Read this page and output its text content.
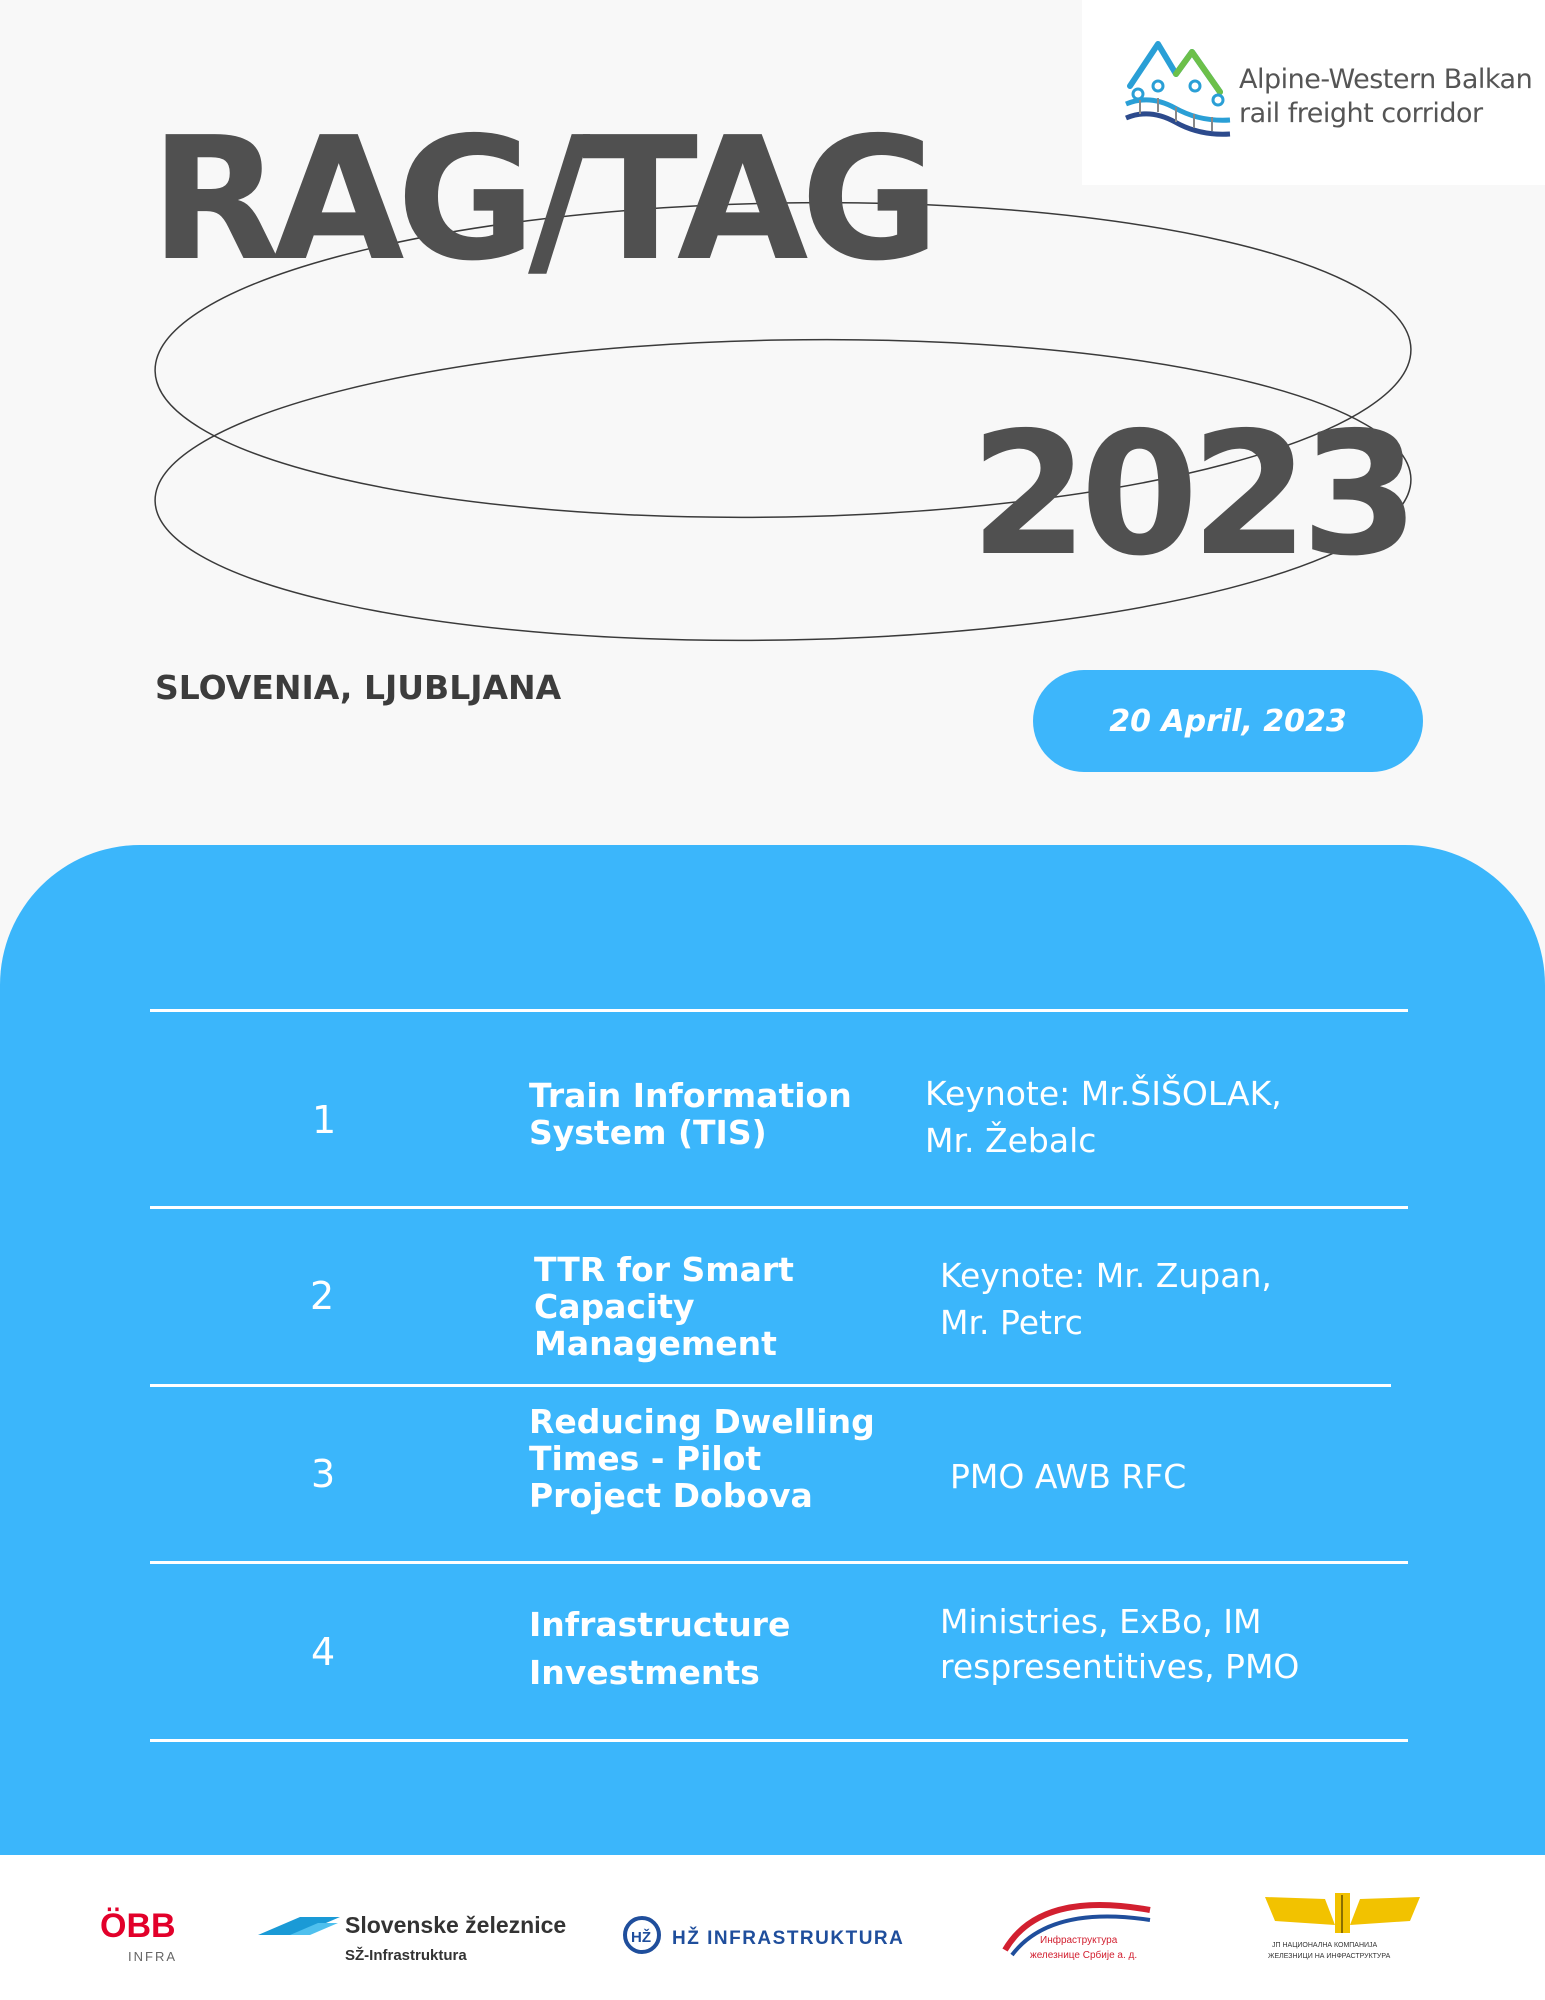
Alpine-Western Balkan
rail freight corridor
RAG/TAG
2023
SLOVENIA, LJUBLJANA
20 April, 2023
1
Train Information
System (TIS)
Keynote: Mr.ŠIŠOLAK,
Mr. Žebalc
2
TTR for Smart
Capacity
Management
Keynote: Mr. Zupan,
Mr. Petrc
3
Reducing Dwelling
Times - Pilot
Project Dobova	PMO AWB RFC
4
Infrastructure
Investments
Ministries, ExBo, IM
respresentitives, PMO
ÖBB
INFRA
Slovenske železnice
SŽ-Infrastruktura
HŽ HŽ INFRASTRUKTURA	Инфраструктура
железнице Србије а. д.
ЈП НАЦИОНАЛНА КОМПАНИЈА
ЖЕЛЕЗНИЦИ НА ИНФРАСТРУКТУРА
